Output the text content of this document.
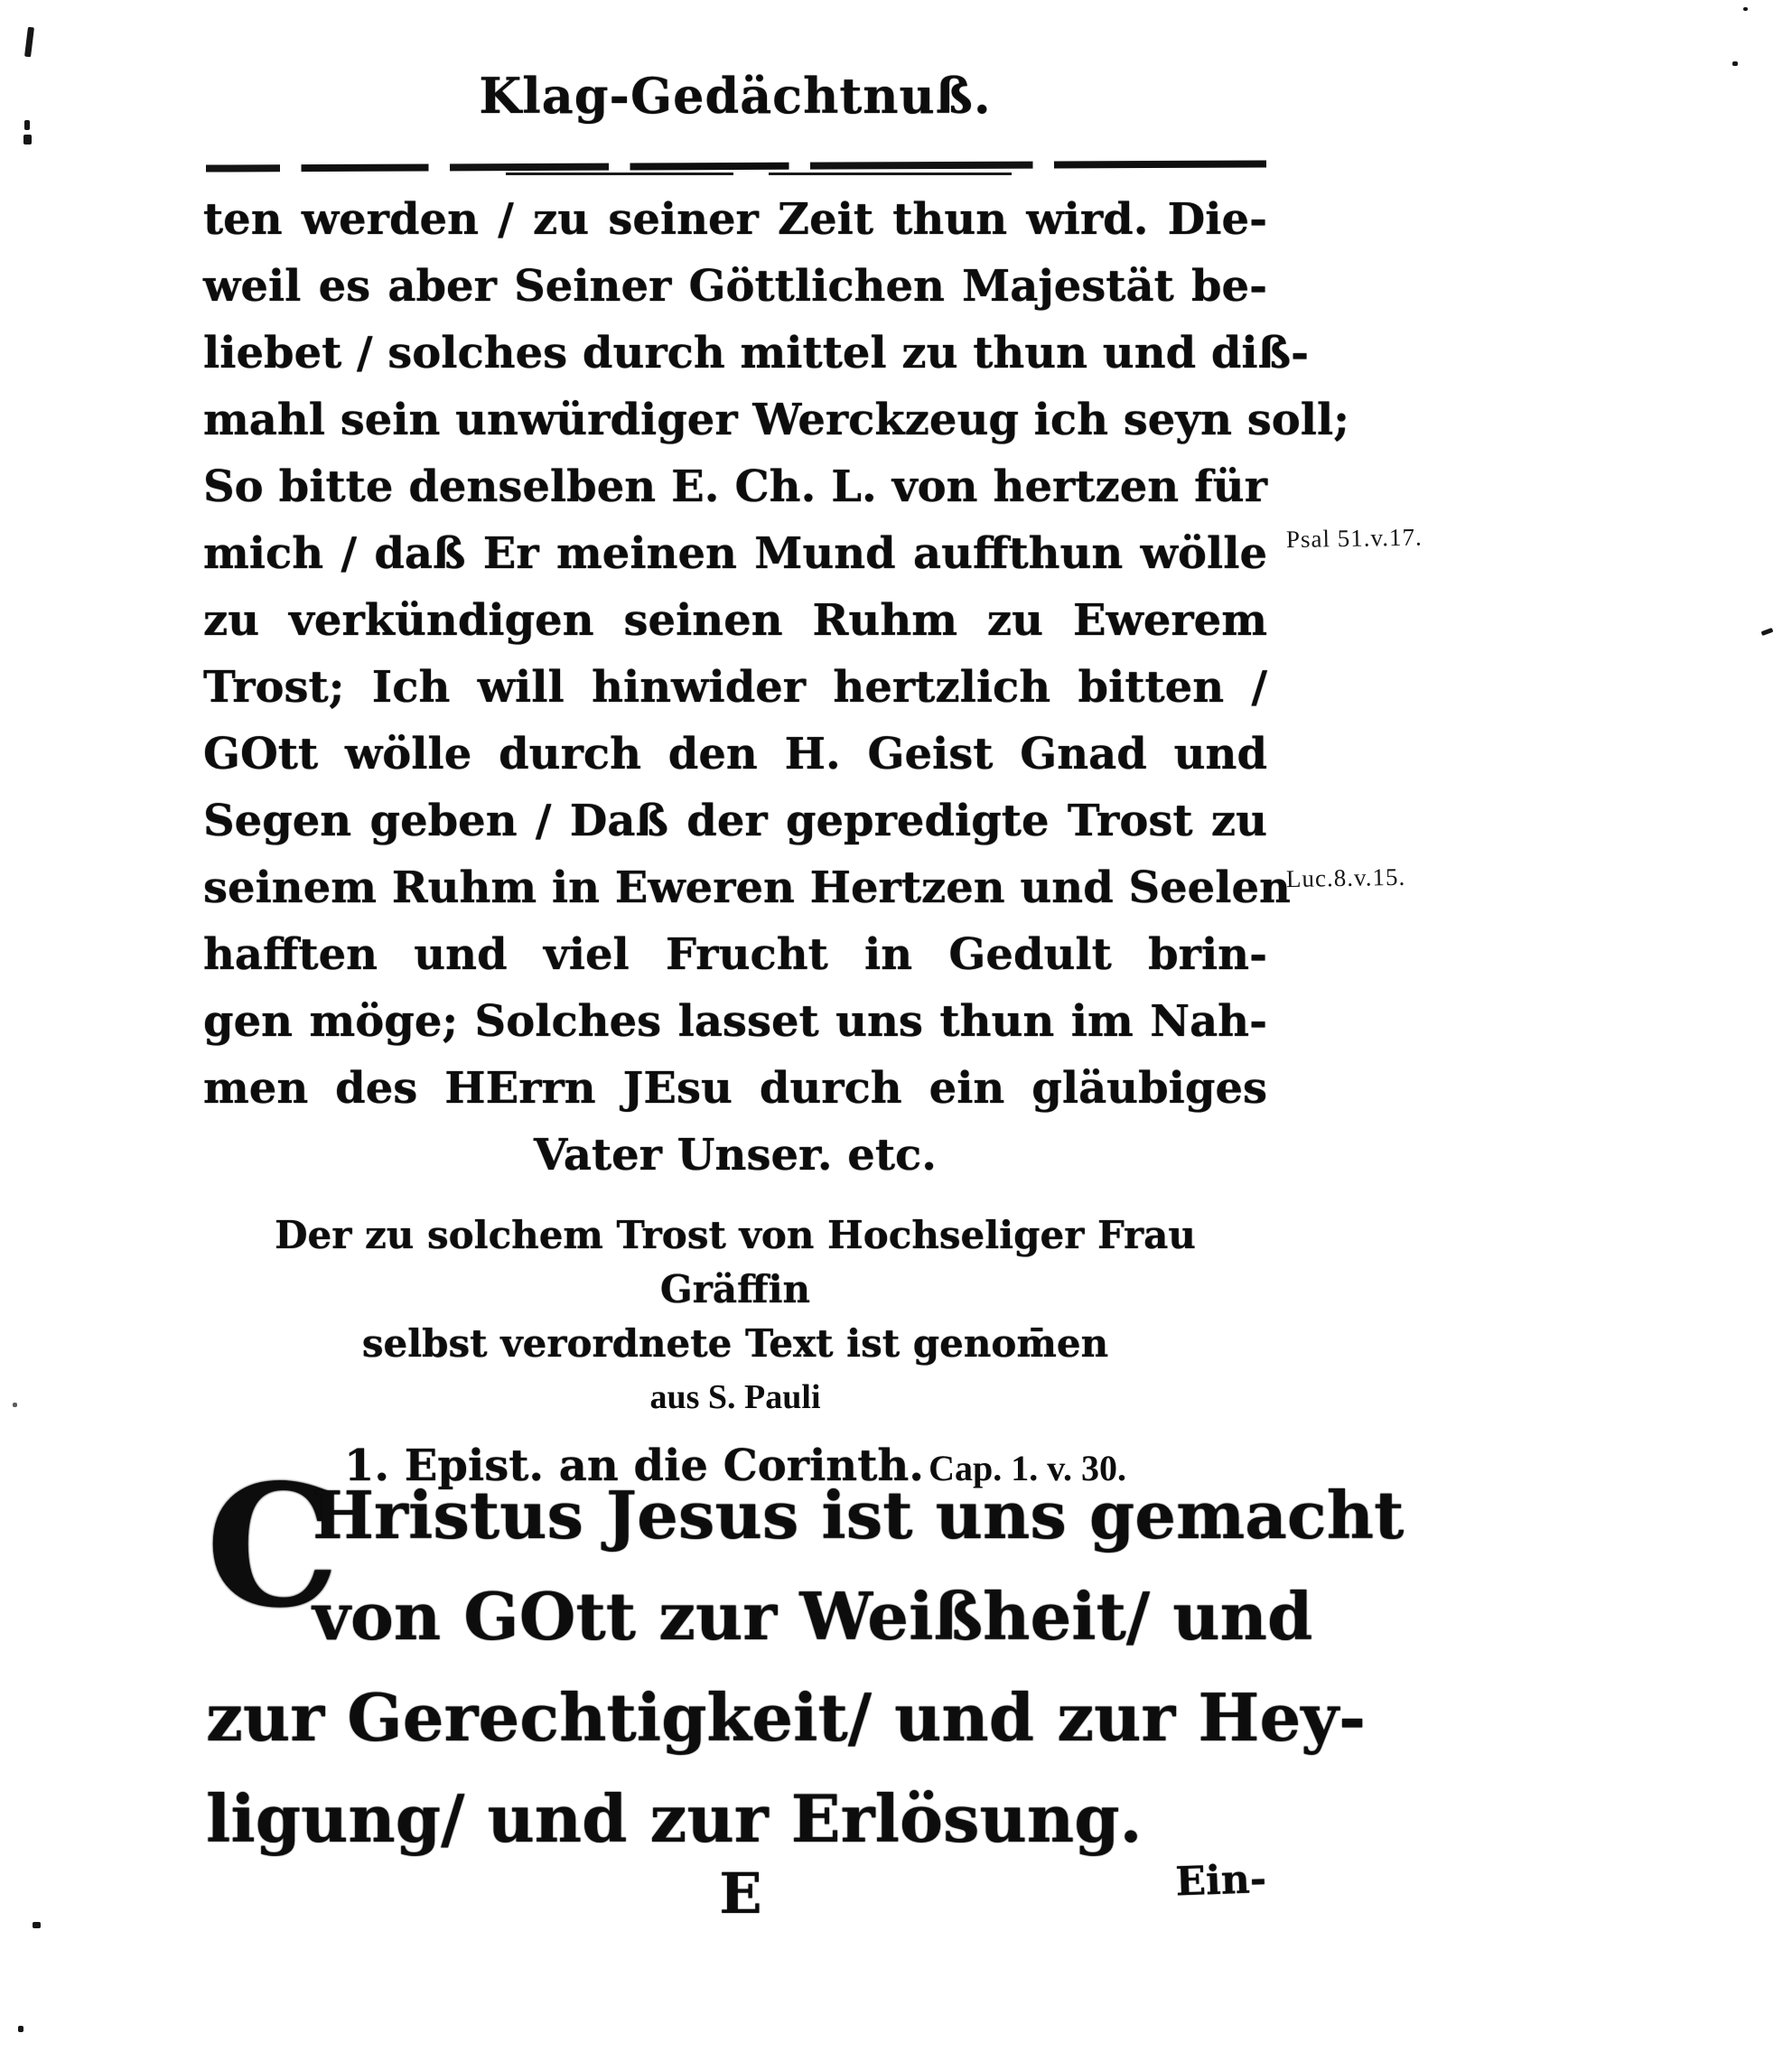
Klag-Gedächtnuß.
ten werden / zu seiner Zeit thun wird. Die-
weil es aber Seiner Göttlichen Majestät be-
liebet / solches durch mittel zu thun und diß-
mahl sein unwürdiger Werckzeug ich seyn soll;
So bitte denselben E. Ch. L. von hertzen für
mich / daß Er meinen Mund auffthun wölle
zu verkündigen seinen Ruhm zu Ewerem
Trost; Ich will hinwider hertzlich bitten /
GOtt wölle durch den H. Geist Gnad und
Segen geben / Daß der gepredigte Trost zu
seinem Ruhm in Eweren Hertzen und Seelen
hafften und viel Frucht in Gedult brin-
gen möge; Solches lasset uns thun im Nah-
men des HErrn JEsu durch ein gläubiges
Vater Unser. etc.
Psal 51.v.17.
Luc.8.v.15.
Der zu solchem Trost von Hochseliger Frau Gräffin
selbst verordnete Text ist genom̄en
aus S. Pauli
1. Epist. an die Corinth. Cap. 1. v. 30.
C
Hristus Jesus ist uns gemacht
von GOtt zur Weißheit/ und
zur Gerechtigkeit/ und zur Hey-
ligung/ und zur Erlösung.
E	Ein-
